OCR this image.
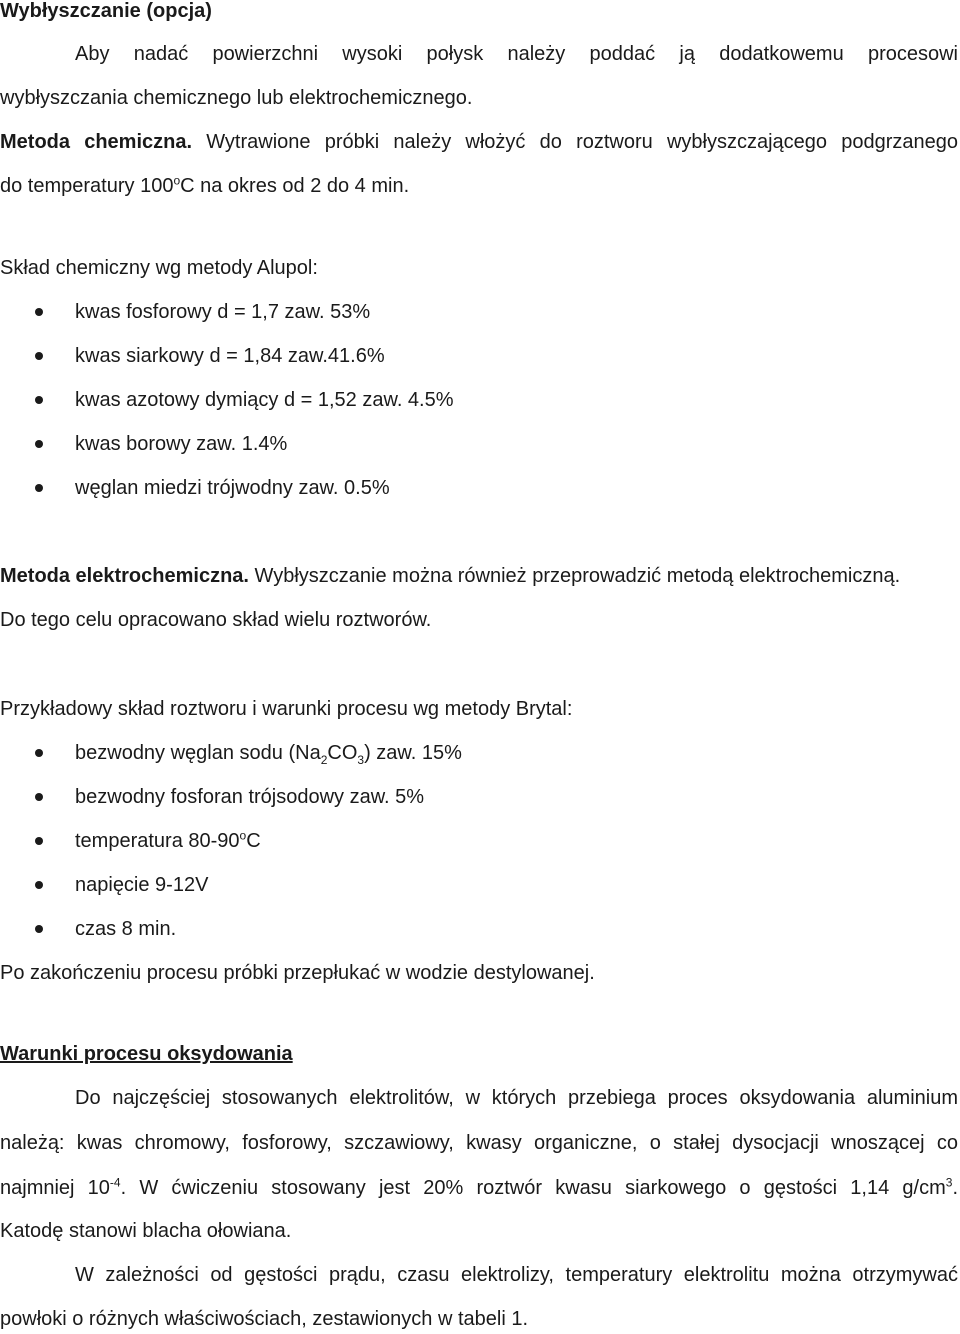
Wybłyszczanie (opcja)
Aby nadać powierzchni wysoki połysk należy poddać ją dodatkowemu procesowi
wybłyszczania chemicznego lub elektrochemicznego.
Metoda chemiczna. Wytrawione próbki należy włożyć do roztworu wybłyszczającego podgrzanego
do temperatury 100$^o$C na okres od 2 do 4 min.
Skład chemiczny wg metody Alupol:
kwas fosforowy d = 1,7 zaw. 53%
kwas siarkowy d = 1,84 zaw.41.6%
kwas azotowy dymiący d = 1,52 zaw. 4.5%
kwas borowy zaw. 1.4%
węglan miedzi trójwodny zaw. 0.5%
Metoda elektrochemiczna. Wybłyszczanie można również przeprowadzić metodą elektrochemiczną.
Do tego celu opracowano skład wielu roztworów.
Przykładowy skład roztworu i warunki procesu wg metody Brytal:
bezwodny węglan sodu $(Na_2CO_3)$ zaw. 15%
bezwodny fosforan trójsodowy zaw. 5%
temperatura 80-90$^o$C
napięcie 9-12V
czas 8 min.
Po zakończeniu procesu próbki przepłukać w wodzie destylowanej.
Warunki procesu oksydowania
Do najczęściej stosowanych elektrolitów, w których przebiega proces oksydowania aluminium
należą: kwas chromowy, fosforowy, szczawiowy, kwasy organiczne, o stałej dysocjacji wnoszącej co
najmniej $10^{-4}$. W ćwiczeniu stosowany jest 20% roztwór kwasu siarkowego o gęstości 1,14 $g/cm^3$.
Katodę stanowi blacha ołowiana.
W zależności od gęstości prądu, czasu elektrolizy, temperatury elektrolitu można otrzymywać
powłoki o różnych właściwościach, zestawionych w tabeli 1.
